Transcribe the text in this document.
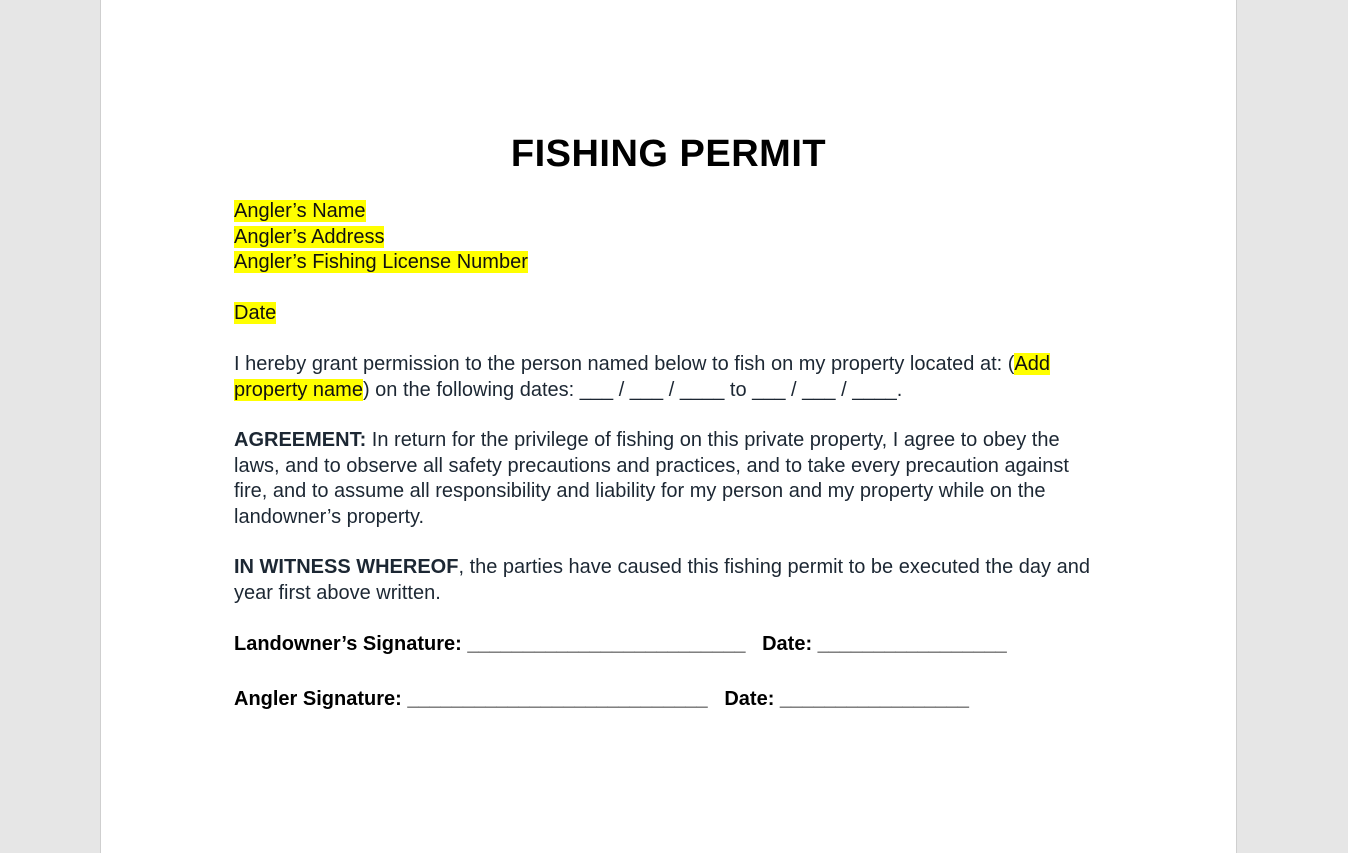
FISHING PERMIT

Angler’s Name

Angler’s Address

Angler’s Fishing License Number

Date

I hereby grant permission to the person named below to fish on my property located at: (Add
property name) on the following dates: ___ / ___ / ____ to ___ / ___ / ____.

AGREEMENT: In return for the privilege of fishing on this private property, I agree to obey the laws, and to observe all safety precautions and practices, and to take every precaution against fire, and to assume all responsibility and liability for my person and my property while on the landowner’s property.

IN WITNESS WHEREOF, the parties have caused this fishing permit to be executed the day and year first above written.

Landowner’s Signature: _________________________   Date: _________________
Angler Signature: ___________________________   Date: _________________
